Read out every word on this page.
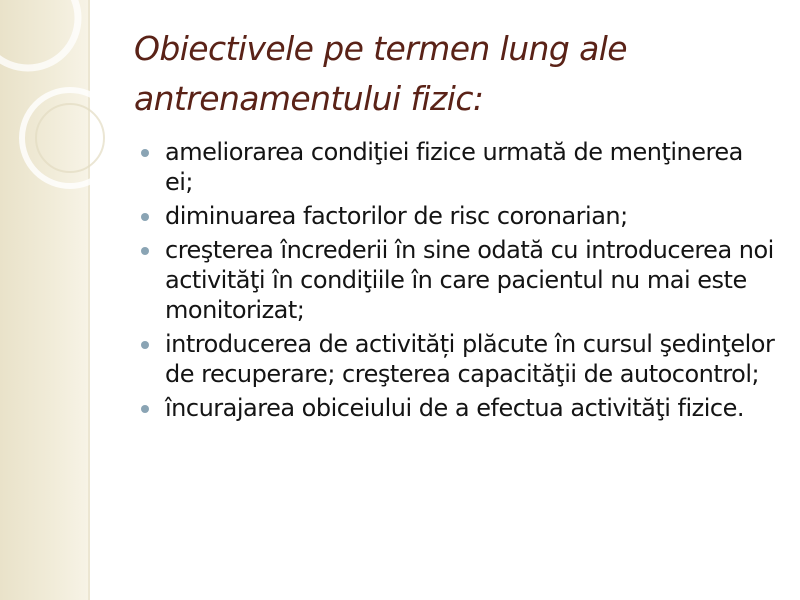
Obiectivele pe termen lung ale antrenamentului fizic:
ameliorarea condiţiei fizice urmată de menţinerea ei;
diminuarea factorilor de risc coronarian;
creşterea încrederii în sine odată cu introducerea noi activităţi în condiţiile în care pacientul nu mai este monitorizat;
introducerea de activități plăcute în cursul şedinţelor de recuperare; creşterea capacităţii de autocontrol;
încurajarea obiceiului de a efectua activităţi fizice.
